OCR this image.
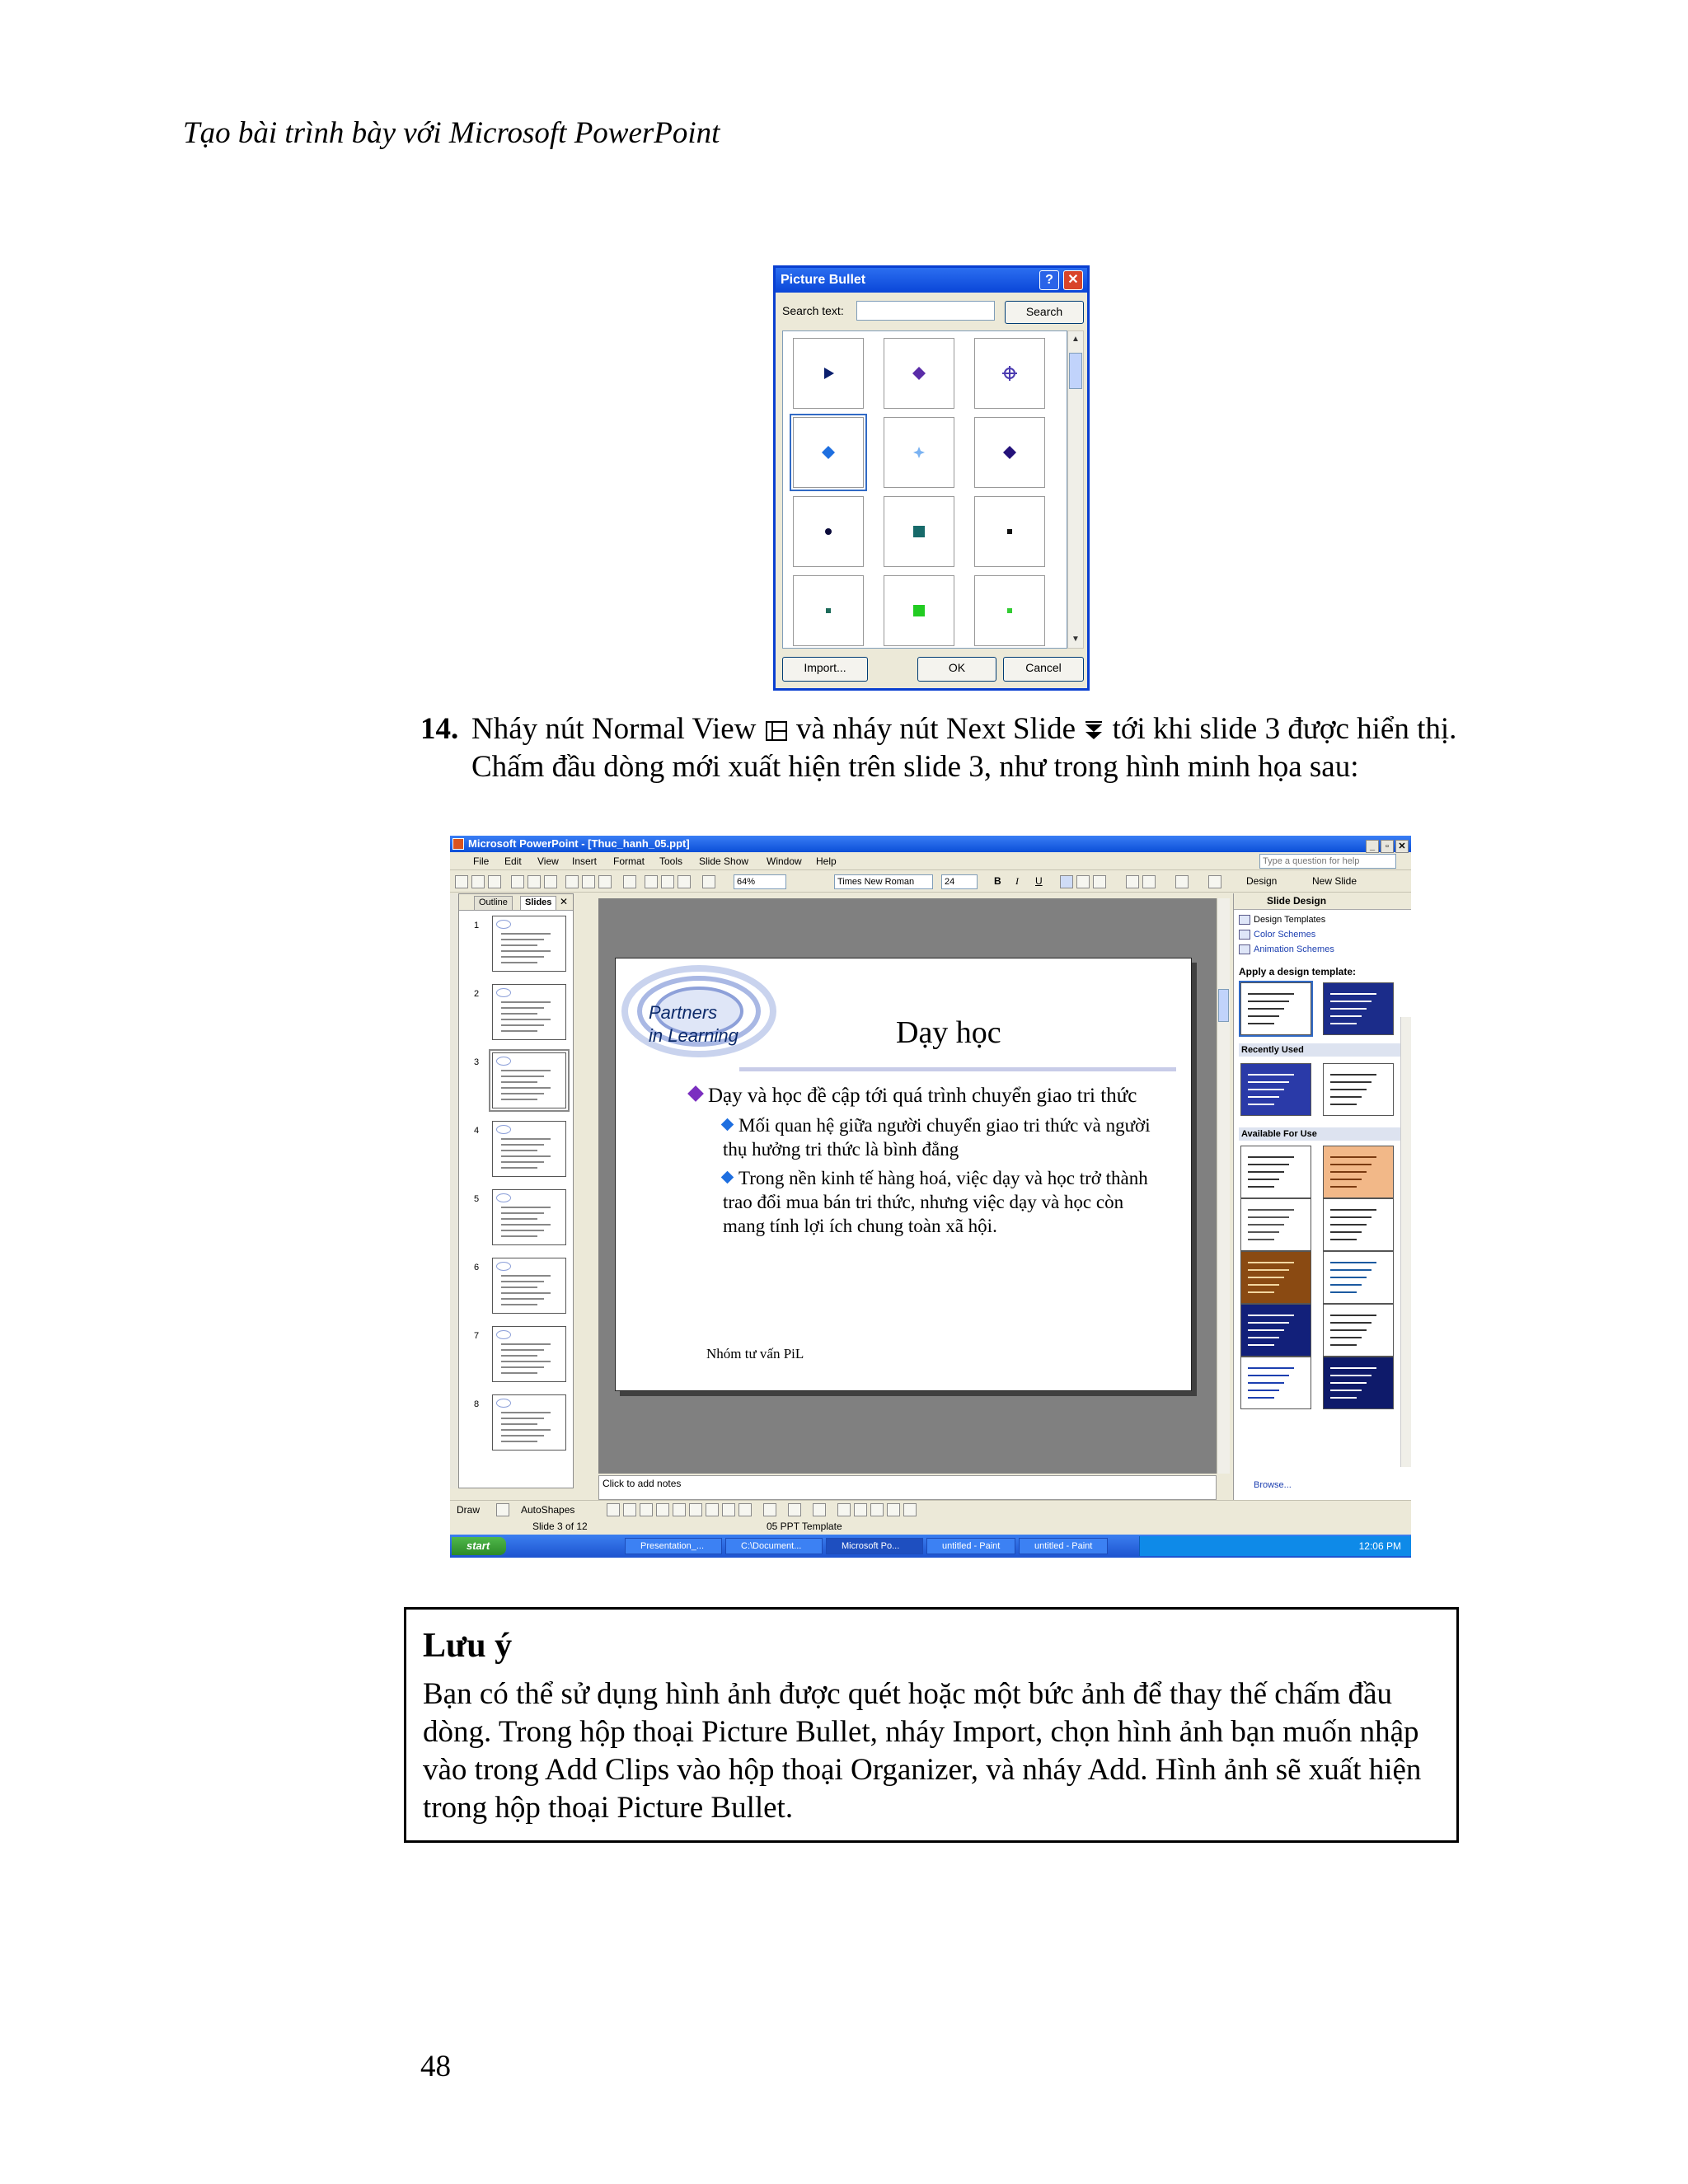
Tạo bài trình bày với Microsoft PowerPoint
Picture Bullet	?	✕
Search text:	Search
▲
▼
Import...	OK	Cancel
14. Nháy nút Normal View và nháy nút Next Slide tới khi slide 3 được hiển thị. Chấm đầu dòng mới xuất hiện trên slide 3, như trong hình minh họa sau:
Microsoft PowerPoint - [Thuc_hanh_05.ppt]	_ ▫ ✕
File Edit View Insert Format Tools Slide Show Window Help	Type a question for help
64%	Times New Roman	24	B I U	Design	New Slide
Outline	Slides ✕
1
2
3
4
5
6
7
8
Partners
in Learning	Dạy học
Dạy và học đề cập tới quá trình chuyển giao tri thức
Mối quan hệ giữa người chuyển giao tri thức và người thụ hưởng tri thức là bình đẳng
Trong nền kinh tế hàng hoá, việc dạy và học trở thành trao đổi mua bán tri thức, nhưng việc dạy và học còn mang tính lợi ích chung toàn xã hội.
Nhóm tư vấn PiL
Click to add notes
Slide Design
Design Templates
Color Schemes
Animation Schemes
Apply a design template:
Recently Used
Available For Use
Browse...
Draw	AutoShapes
Slide 3 of 12	05 PPT Template
start	Presentation_...	C:\Document...	Microsoft Po...	untitled - Paint	untitled - Paint	12:06 PM
Lưu ý
Bạn có thể sử dụng hình ảnh được quét hoặc một bức ảnh để thay thế chấm đầu dòng. Trong hộp thoại Picture Bullet, nháy Import, chọn hình ảnh bạn muốn nhập vào trong Add Clips vào hộp thoại Organizer, và nháy Add. Hình ảnh sẽ xuất hiện trong hộp thoại Picture Bullet.
48
